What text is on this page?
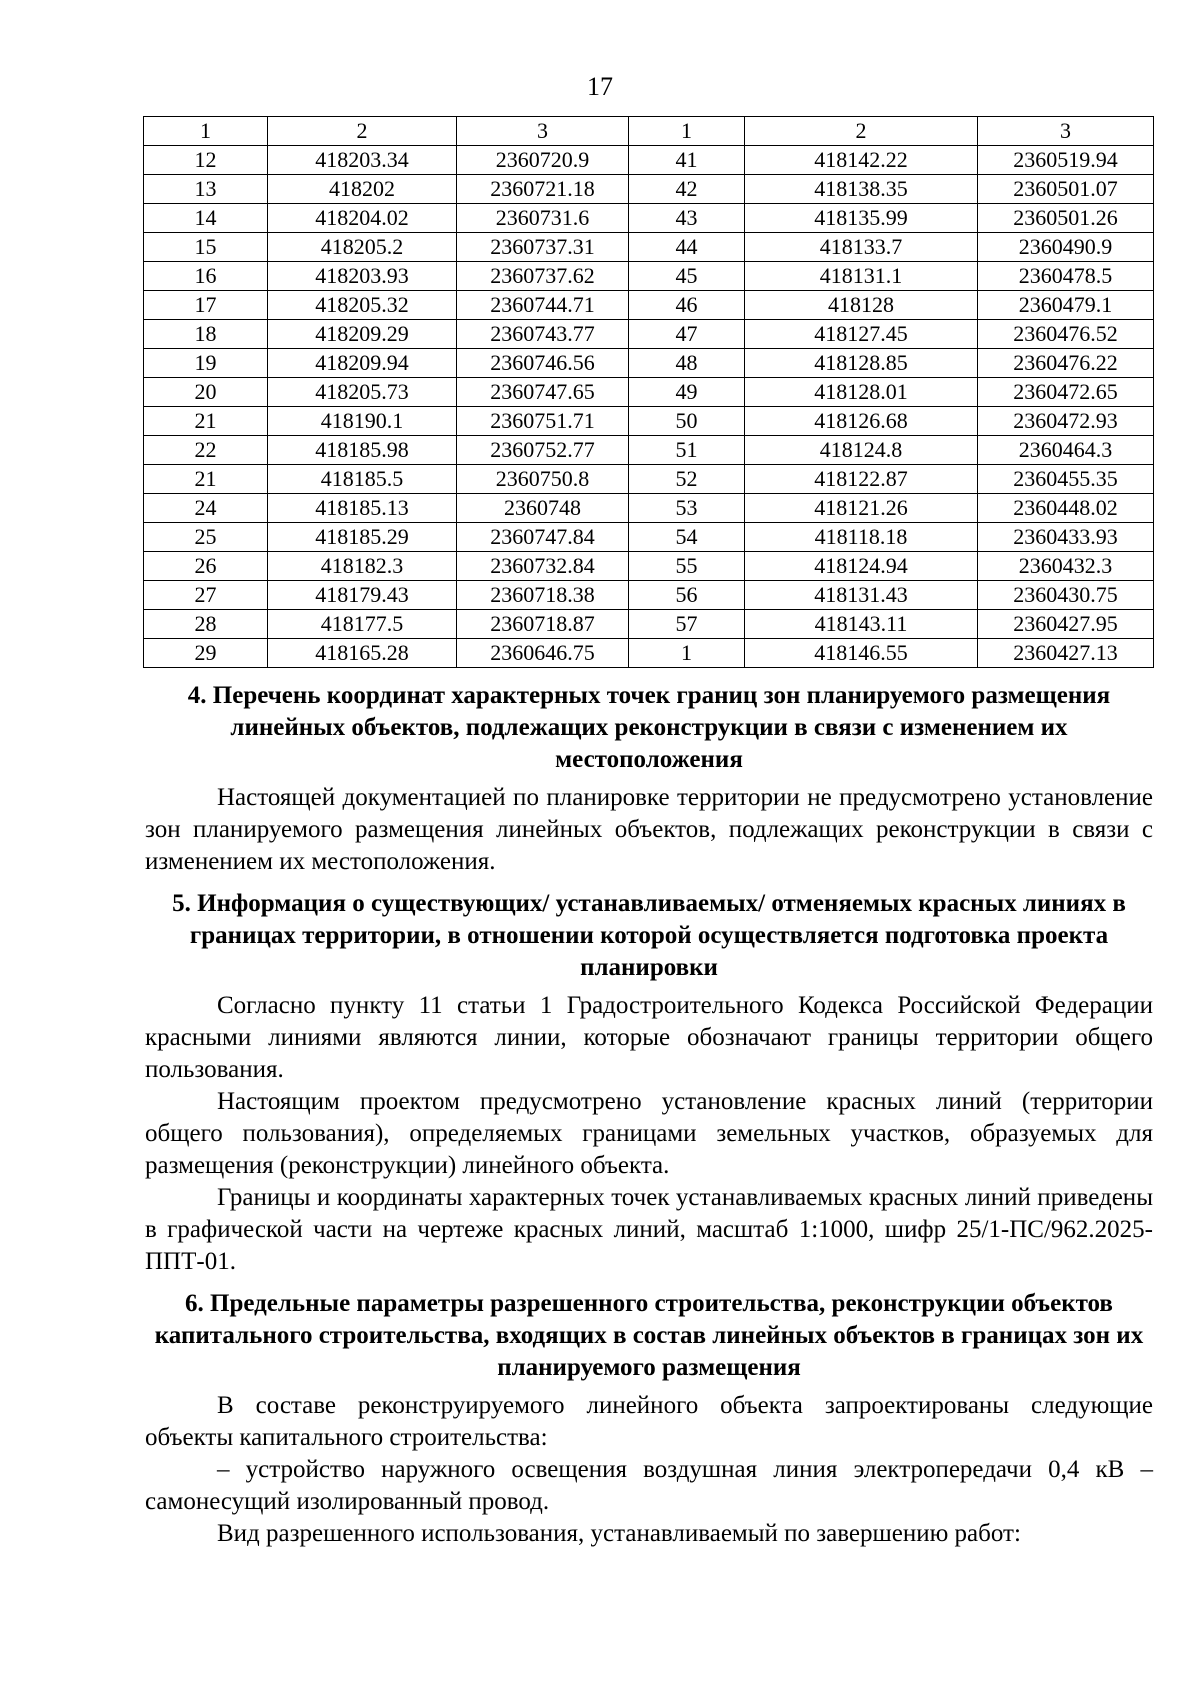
17
1	2	3	1	2	3
12	418203.34	2360720.9	41	418142.22	2360519.94
13	418202	2360721.18	42	418138.35	2360501.07
14	418204.02	2360731.6	43	418135.99	2360501.26
15	418205.2	2360737.31	44	418133.7	2360490.9
16	418203.93	2360737.62	45	418131.1	2360478.5
17	418205.32	2360744.71	46	418128	2360479.1
18	418209.29	2360743.77	47	418127.45	2360476.52
19	418209.94	2360746.56	48	418128.85	2360476.22
20	418205.73	2360747.65	49	418128.01	2360472.65
21	418190.1	2360751.71	50	418126.68	2360472.93
22	418185.98	2360752.77	51	418124.8	2360464.3
21	418185.5	2360750.8	52	418122.87	2360455.35
24	418185.13	2360748	53	418121.26	2360448.02
25	418185.29	2360747.84	54	418118.18	2360433.93
26	418182.3	2360732.84	55	418124.94	2360432.3
27	418179.43	2360718.38	56	418131.43	2360430.75
28	418177.5	2360718.87	57	418143.11	2360427.95
29	418165.28	2360646.75	1	418146.55	2360427.13
4. Перечень координат характерных точек границ зон планируемого размещения линейных объектов, подлежащих реконструкции в связи с изменением их местоположения

Настоящей документацией по планировке территории не предусмотрено установление зон планируемого размещения линейных объектов, подлежащих реконструкции в связи с изменением их местоположения.

5. Информация о существующих/ устанавливаемых/ отменяемых красных линиях в границах территории, в отношении которой осуществляется подготовка проекта планировки

Согласно пункту 11 статьи 1 Градостроительного Кодекса Российской Федерации красными линиями являются линии, которые обозначают границы территории общего пользования.

Настоящим проектом предусмотрено установление красных линий (территории общего пользования), определяемых границами земельных участков, образуемых для размещения (реконструкции) линейного объекта.

Границы и координаты характерных точек устанавливаемых красных линий приведены в графической части на чертеже красных линий, масштаб 1:1000, шифр 25/1-ПС/962.2025-ППТ-01.

6. Предельные параметры разрешенного строительства, реконструкции объектов капитального строительства, входящих в состав линейных объектов в границах зон их планируемого размещения

В составе реконструируемого линейного объекта запроектированы следующие объекты капитального строительства:

– устройство наружного освещения воздушная линия электропередачи 0,4 кВ – самонесущий изолированный провод.

Вид разрешенного использования, устанавливаемый по завершению работ:
